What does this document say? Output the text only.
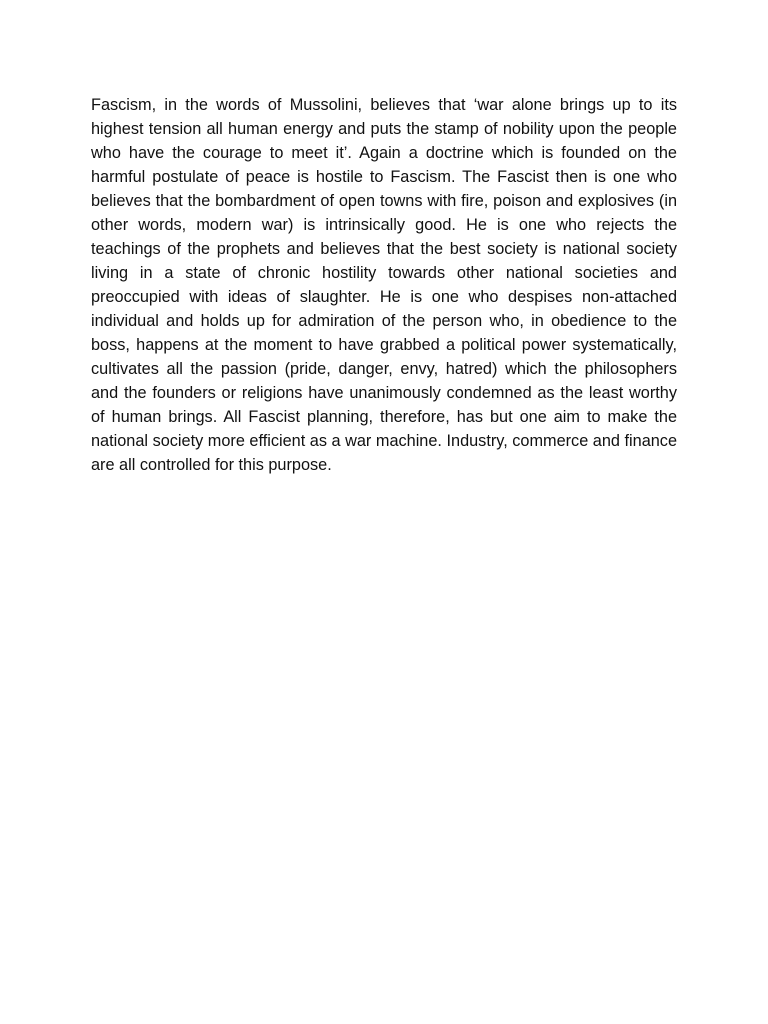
Fascism, in the words of Mussolini, believes that ‘war alone brings up to its highest tension all human energy and puts the stamp of nobility upon the people who have the courage to meet it’. Again a doctrine which is founded on the harmful postulate of peace is hostile to Fascism. The Fascist then is one who believes that the bombardment of open towns with fire, poison and explosives (in other words, modern war) is intrinsically good. He is one who rejects the teachings of the prophets and believes that the best society is national society living in a state of chronic hostility towards other national societies and preoccupied with ideas of slaughter. He is one who despises non-attached individual and holds up for admiration of the person who, in obedience to the boss, happens at the moment to have grabbed a political power systematically, cultivates all the passion (pride, danger, envy, hatred) which the philosophers and the founders or religions have unanimously condemned as the least worthy of human brings. All Fascist planning, therefore, has but one aim to make the national society more efficient as a war machine. Industry, commerce and finance are all controlled for this purpose.
